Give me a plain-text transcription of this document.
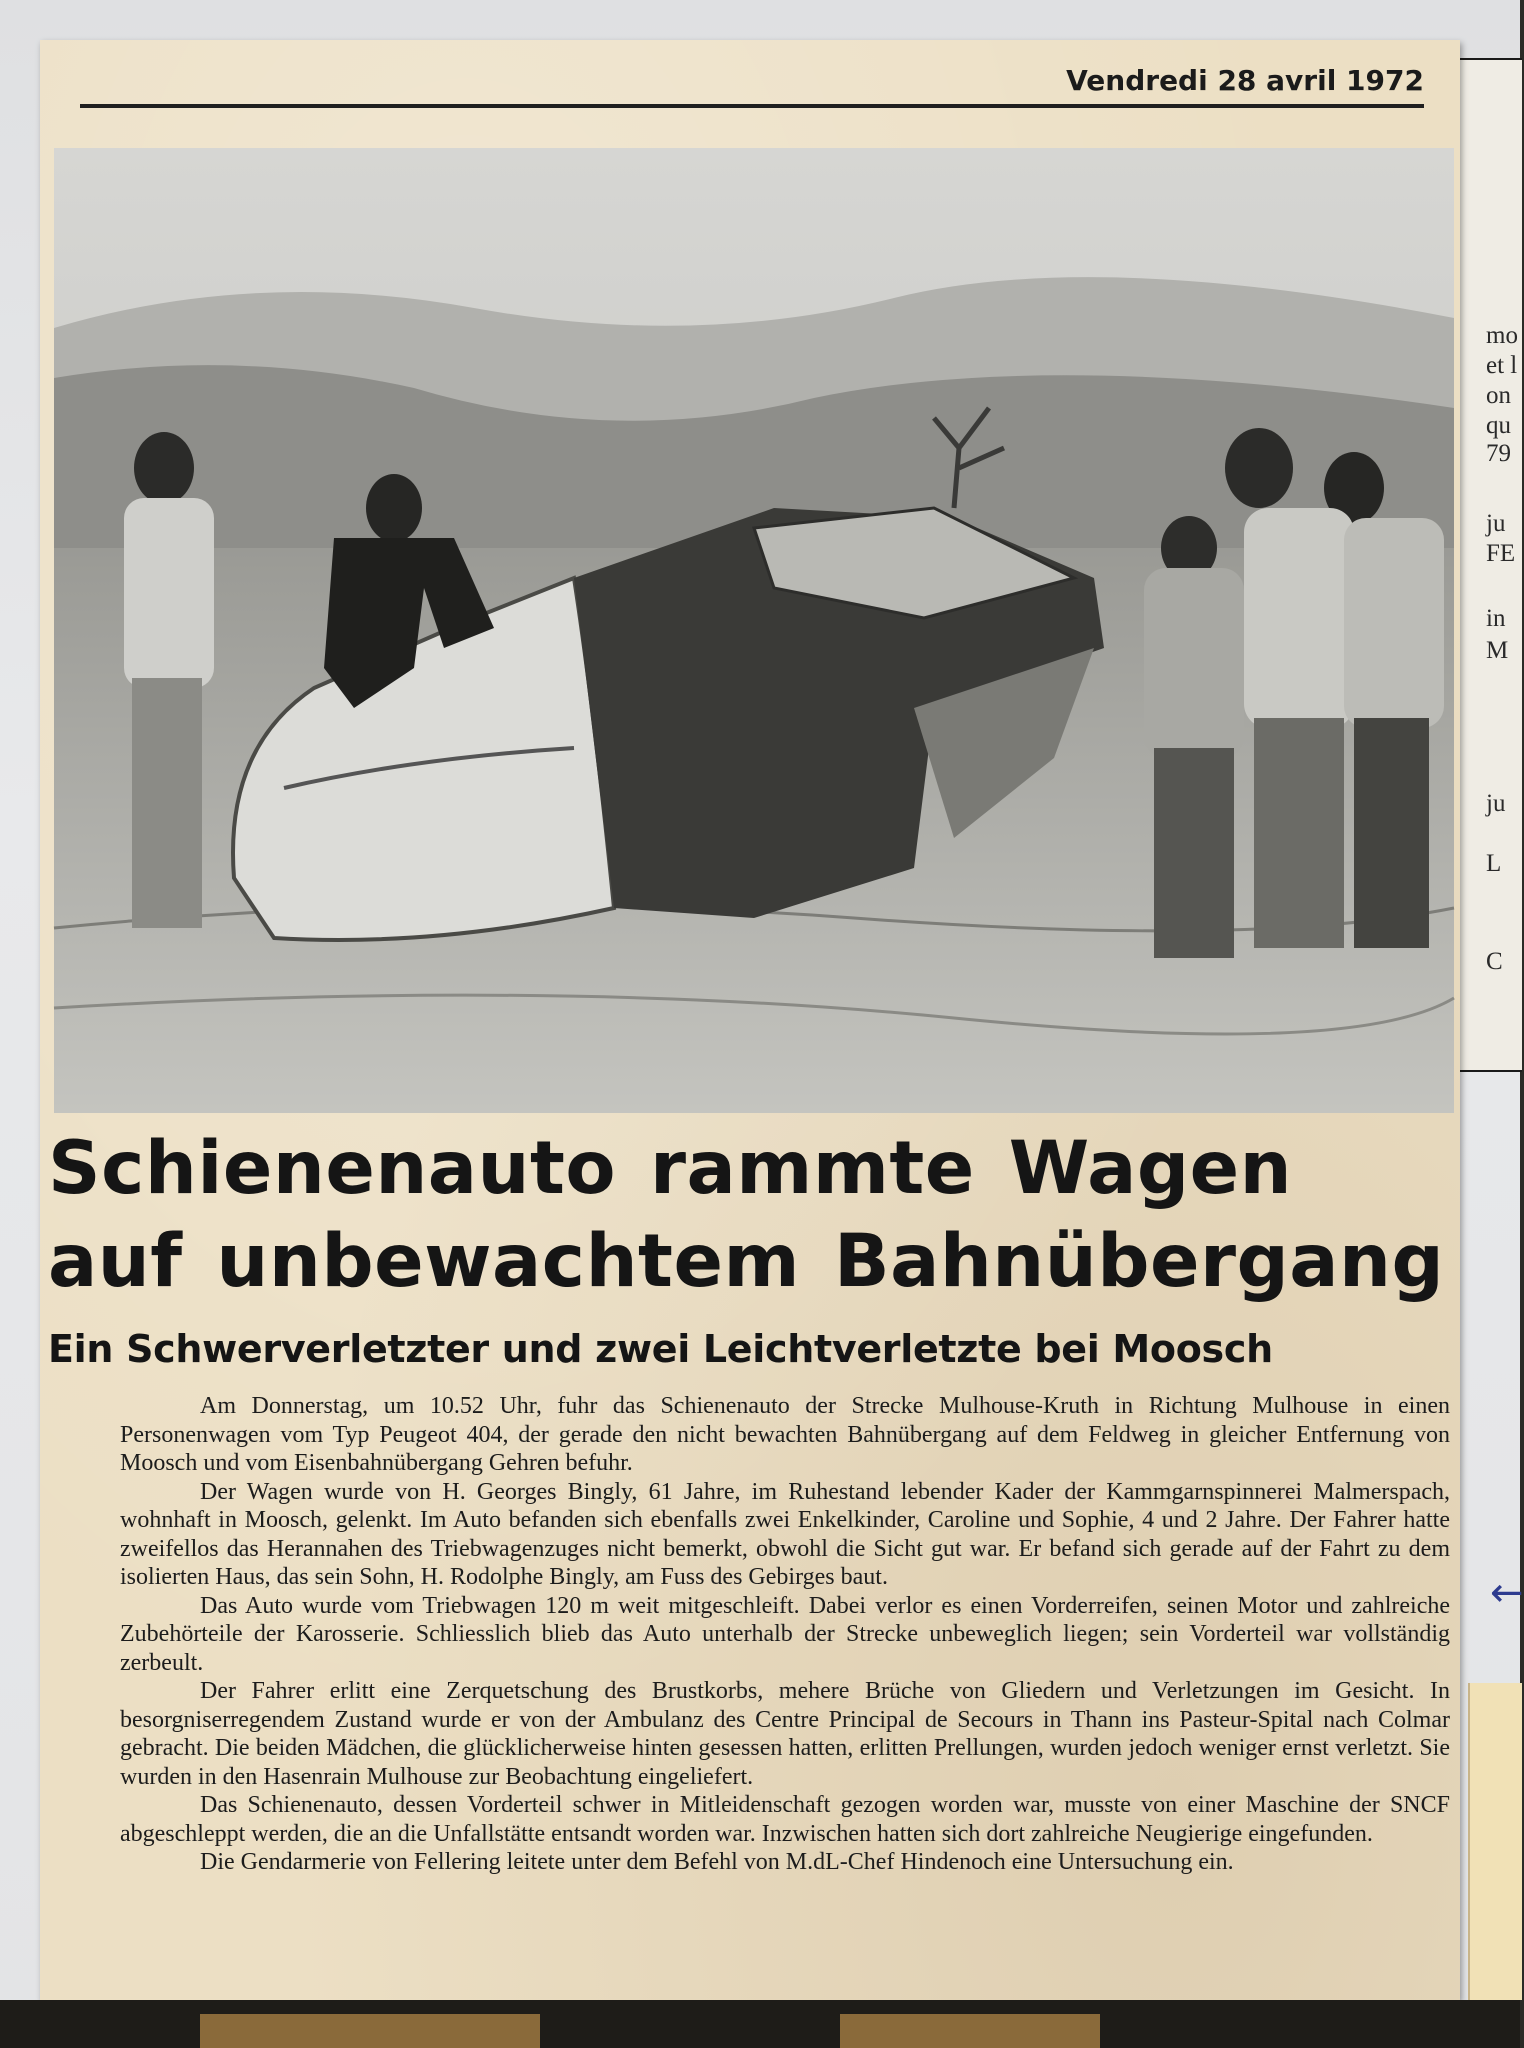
mo
et l
on
qu
79
ju
FE
in
M
ju
L
C
←
Vendredi 28 avril 1972
Schienenauto rammte Wagen auf unbewachtem Bahnübergang
Ein Schwerverletzter und zwei Leichtverletzte bei Moosch

Am Donnerstag, um 10.52 Uhr, fuhr das Schienenauto der Strecke Mulhouse-Kruth in Richtung Mulhouse in einen Personenwagen vom Typ Peugeot 404, der gerade den nicht bewachten Bahnübergang auf dem Feldweg in gleicher Entfernung von Moosch und vom Eisenbahnübergang Gehren befuhr.

Der Wagen wurde von H. Georges Bingly, 61 Jahre, im Ruhestand lebender Kader der Kammgarnspinnerei Malmerspach, wohnhaft in Moosch, gelenkt. Im Auto befanden sich ebenfalls zwei Enkelkinder, Caroline und Sophie, 4 und 2 Jahre. Der Fahrer hatte zweifellos das Herannahen des Triebwagenzuges nicht bemerkt, obwohl die Sicht gut war. Er befand sich gerade auf der Fahrt zu dem isolierten Haus, das sein Sohn, H. Rodolphe Bingly, am Fuss des Gebirges baut.

Das Auto wurde vom Triebwagen 120 m weit mitgeschleift. Dabei verlor es einen Vorderreifen, seinen Motor und zahlreiche Zubehörteile der Karosserie. Schliesslich blieb das Auto unterhalb der Strecke unbeweglich liegen; sein Vorderteil war vollständig zerbeult.

Der Fahrer erlitt eine Zerquetschung des Brustkorbs, mehere Brüche von Gliedern und Verletzungen im Gesicht. In besorgniserregendem Zustand wurde er von der Ambulanz des Centre Principal de Secours in Thann ins Pasteur-Spital nach Colmar gebracht. Die beiden Mädchen, die glücklicherweise hinten gesessen hatten, erlitten Prellungen, wurden jedoch weniger ernst verletzt. Sie wurden in den Hasenrain Mulhouse zur Beobachtung eingeliefert.

Das Schienenauto, dessen Vorderteil schwer in Mitleidenschaft gezogen worden war, musste von einer Maschine der SNCF abgeschleppt werden, die an die Unfallstätte entsandt worden war. Inzwischen hatten sich dort zahlreiche Neugierige eingefunden.

Die Gendarmerie von Fellering leitete unter dem Befehl von M.dL-Chef Hindenoch eine Untersuchung ein.
